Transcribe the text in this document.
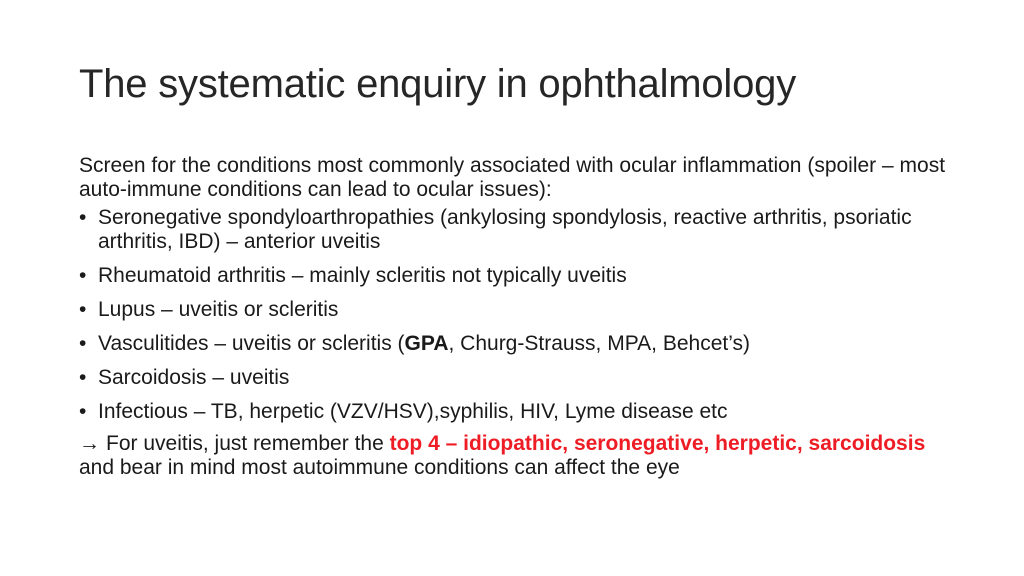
The systematic enquiry in ophthalmology

Screen for the conditions most commonly associated with ocular inflammation (spoiler – most auto-immune conditions can lead to ocular issues):

• Seronegative spondyloarthropathies (ankylosing spondylosis, reactive arthritis, psoriatic arthritis, IBD) – anterior uveitis
• Rheumatoid arthritis – mainly scleritis not typically uveitis
• Lupus – uveitis or scleritis
• Vasculitides – uveitis or scleritis (GPA, Churg-Strauss, MPA, Behcet’s)
• Sarcoidosis – uveitis
• Infectious – TB, herpetic (VZV/HSV),syphilis, HIV, Lyme disease etc

→ For uveitis, just remember the top 4 – idiopathic, seronegative, herpetic, sarcoidosis and bear in mind most autoimmune conditions can affect the eye
